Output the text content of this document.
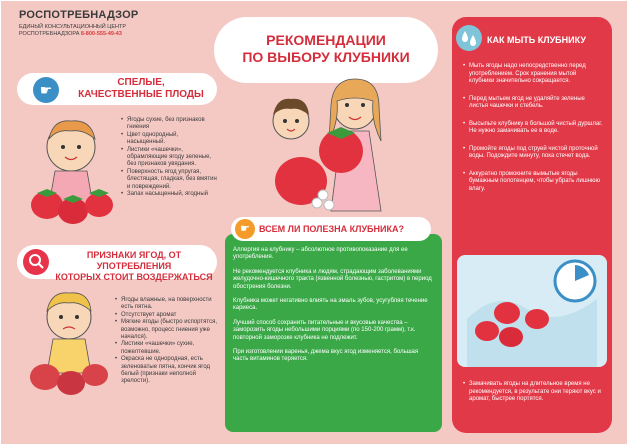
РОСПОТРЕБНАДЗОР
ЕДИНЫЙ КОНСУЛЬТАЦИОННЫЙ ЦЕНТР
РОСПОТРЕБНАДЗОРА 8-800-555-49-43	РЕКОМЕНДАЦИИ
ПО ВЫБОРУ КЛУБНИКИ
☛	СПЕЛЫЕ,
КАЧЕСТВЕННЫЕ ПЛОДЫ
• Ягоды сухие, без признаков гниения
• Цвет однородный, насыщенный.
• Листики «чашечки», обрамляющие ягоду зеленые, без признаков увядания.
• Поверхность ягод упругая, блестящая, гладкая, без вмятин и повреждений.
• Запах насыщенный, ягодный
ПРИЗНАКИ ЯГОД, ОТ УПОТРЕБЛЕНИЯ
КОТОРЫХ СТОИТ ВОЗДЕРЖАТЬСЯ
• Ягоды влажные, на поверхности есть пятна.
• Отсутствует аромат
• Мягкие ягоды (быстро испортятся, возможно, процесс гниения уже начался).
• Листики «чашечки» сухие, пожелтевшие.
• Окраска не однородная, есть зеленоватые пятна, кончик ягод белый (признаки неполной зрелости).
☛	ВСЕМ ЛИ ПОЛЕЗНА КЛУБНИКА?
Аллергия на клубнику – абсолютное противопоказание для ее употребления.
Не рекомендуется клубника и людям, страдающим заболеваниями желудочно-кишечного тракта (язвенной болезнью, гастритом) в период обострения болезни.
Клубника может негативно влиять на эмаль зубов, усугубляя течение кариеса.
Лучший способ сохранить питательные и вкусовые качества – заморозить ягоды небольшими порциями (по 150-200 грамм), т.к. повторной заморозке клубника не подлежит.
При изготовлении варенья, джема вкус ягод изменяется, большая часть витаминов теряется.
КАК МЫТЬ КЛУБНИКУ
• Мыть ягоды надо непосредственно перед употреблением. Срок хранения мытой клубники значительно сокращается.
• Перед мытьем ягод не удаляйте зеленые листья чашечки и стебель.
• Высыпьте клубнику в большой чистый дуршлаг. Не нужно замачивать ее в воде.
• Промойте ягоды под струей чистой проточной воды. Подождите минуту, пока стечет вода.
• Аккуратно промокните вымытые ягоды бумажным полотенцем, чтобы убрать лишнюю влагу.
• Замачивать ягоды на длительное время не рекомендуется, в результате они теряют вкус и аромат, быстрее портятся.
